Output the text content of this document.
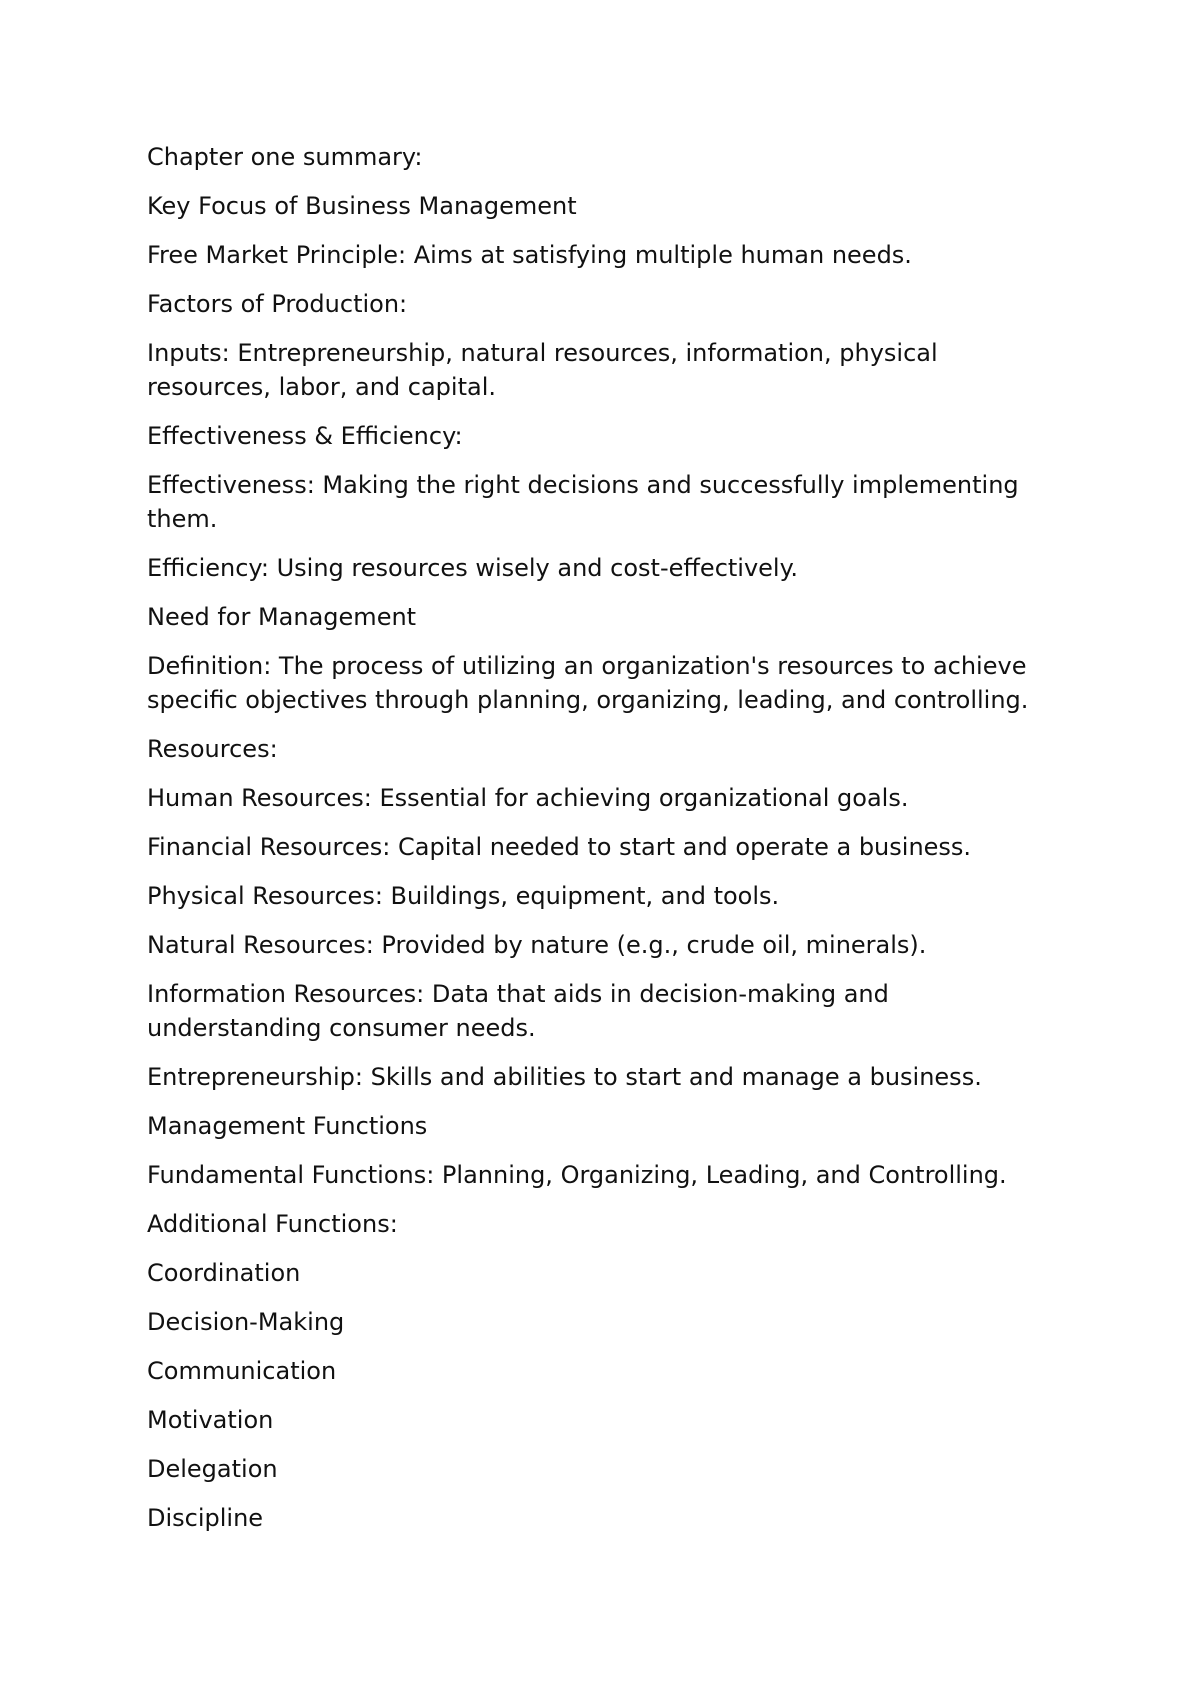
Chapter one summary:

Key Focus of Business Management

Free Market Principle: Aims at satisfying multiple human needs.

Factors of Production:

Inputs: Entrepreneurship, natural resources, information, physical resources, labor, and capital.

Effectiveness & Efficiency:

Effectiveness: Making the right decisions and successfully implementing them.

Efficiency: Using resources wisely and cost-effectively.

Need for Management

Definition: The process of utilizing an organization's resources to achieve specific objectives through planning, organizing, leading, and controlling.

Resources:

Human Resources: Essential for achieving organizational goals.

Financial Resources: Capital needed to start and operate a business.

Physical Resources: Buildings, equipment, and tools.

Natural Resources: Provided by nature (e.g., crude oil, minerals).

Information Resources: Data that aids in decision-making and understanding consumer needs.

Entrepreneurship: Skills and abilities to start and manage a business.

Management Functions

Fundamental Functions: Planning, Organizing, Leading, and Controlling.

Additional Functions:

Coordination

Decision-Making

Communication

Motivation

Delegation

Discipline
